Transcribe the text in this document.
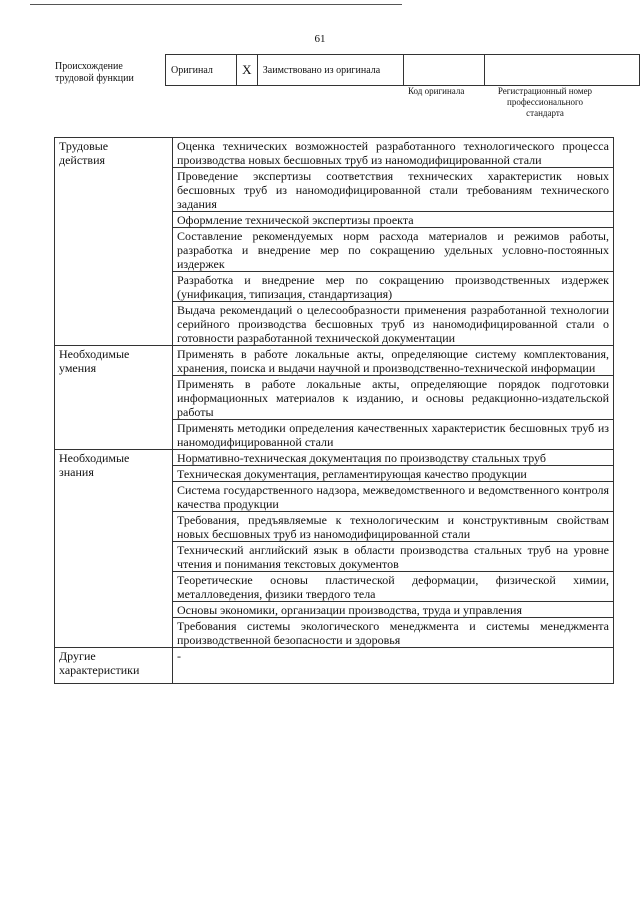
61
Происхождение
трудовой функции
Оригинал	X	Заимствовано из оригинала		
Код оригинала	Регистрационный номер
профессионального
стандарта
Трудовые
действия	Оценка технических возможностей разработанного технологического процесса производства новых бесшовных труб из наномодифицированной стали
	Проведение экспертизы соответствия технических характеристик новых бесшовных труб из наномодифицированной стали требованиям технического задания
	Оформление технической экспертизы проекта
	Составление рекомендуемых норм расхода материалов и режимов работы, разработка и внедрение мер по сокращению удельных условно-постоянных издержек
	Разработка и внедрение мер по сокращению производственных издержек (унификация, типизация, стандартизация)
	Выдача рекомендаций о целесообразности применения разработанной технологии серийного производства бесшовных труб из наномодифицированной стали о готовности разработанной технической документации

Необходимые
умения	Применять в работе локальные акты, определяющие систему комплектования, хранения, поиска и выдачи научной и производственно-технической информации
	Применять в работе локальные акты, определяющие порядок подготовки информационных материалов к изданию, и основы редакционно-издательской работы
	Применять методики определения качественных характеристик бесшовных труб из наномодифицированной стали

Необходимые
знания	Нормативно-техническая документация по производству стальных труб
	Техническая документация, регламентирующая качество продукции
	Система государственного надзора, межведомственного и ведомственного контроля качества продукции
	Требования, предъявляемые к технологическим и конструктивным свойствам новых бесшовных труб из наномодифицированной стали
	Технический английский язык в области производства стальных труб на уровне чтения и понимания текстовых документов
	Теоретические основы пластической деформации, физической химии, металловедения, физики твердого тела
	Основы экономики, организации производства, труда и управления
	Требования системы экологического менеджмента и системы менеджмента производственной безопасности и здоровья

Другие
характеристики	-
